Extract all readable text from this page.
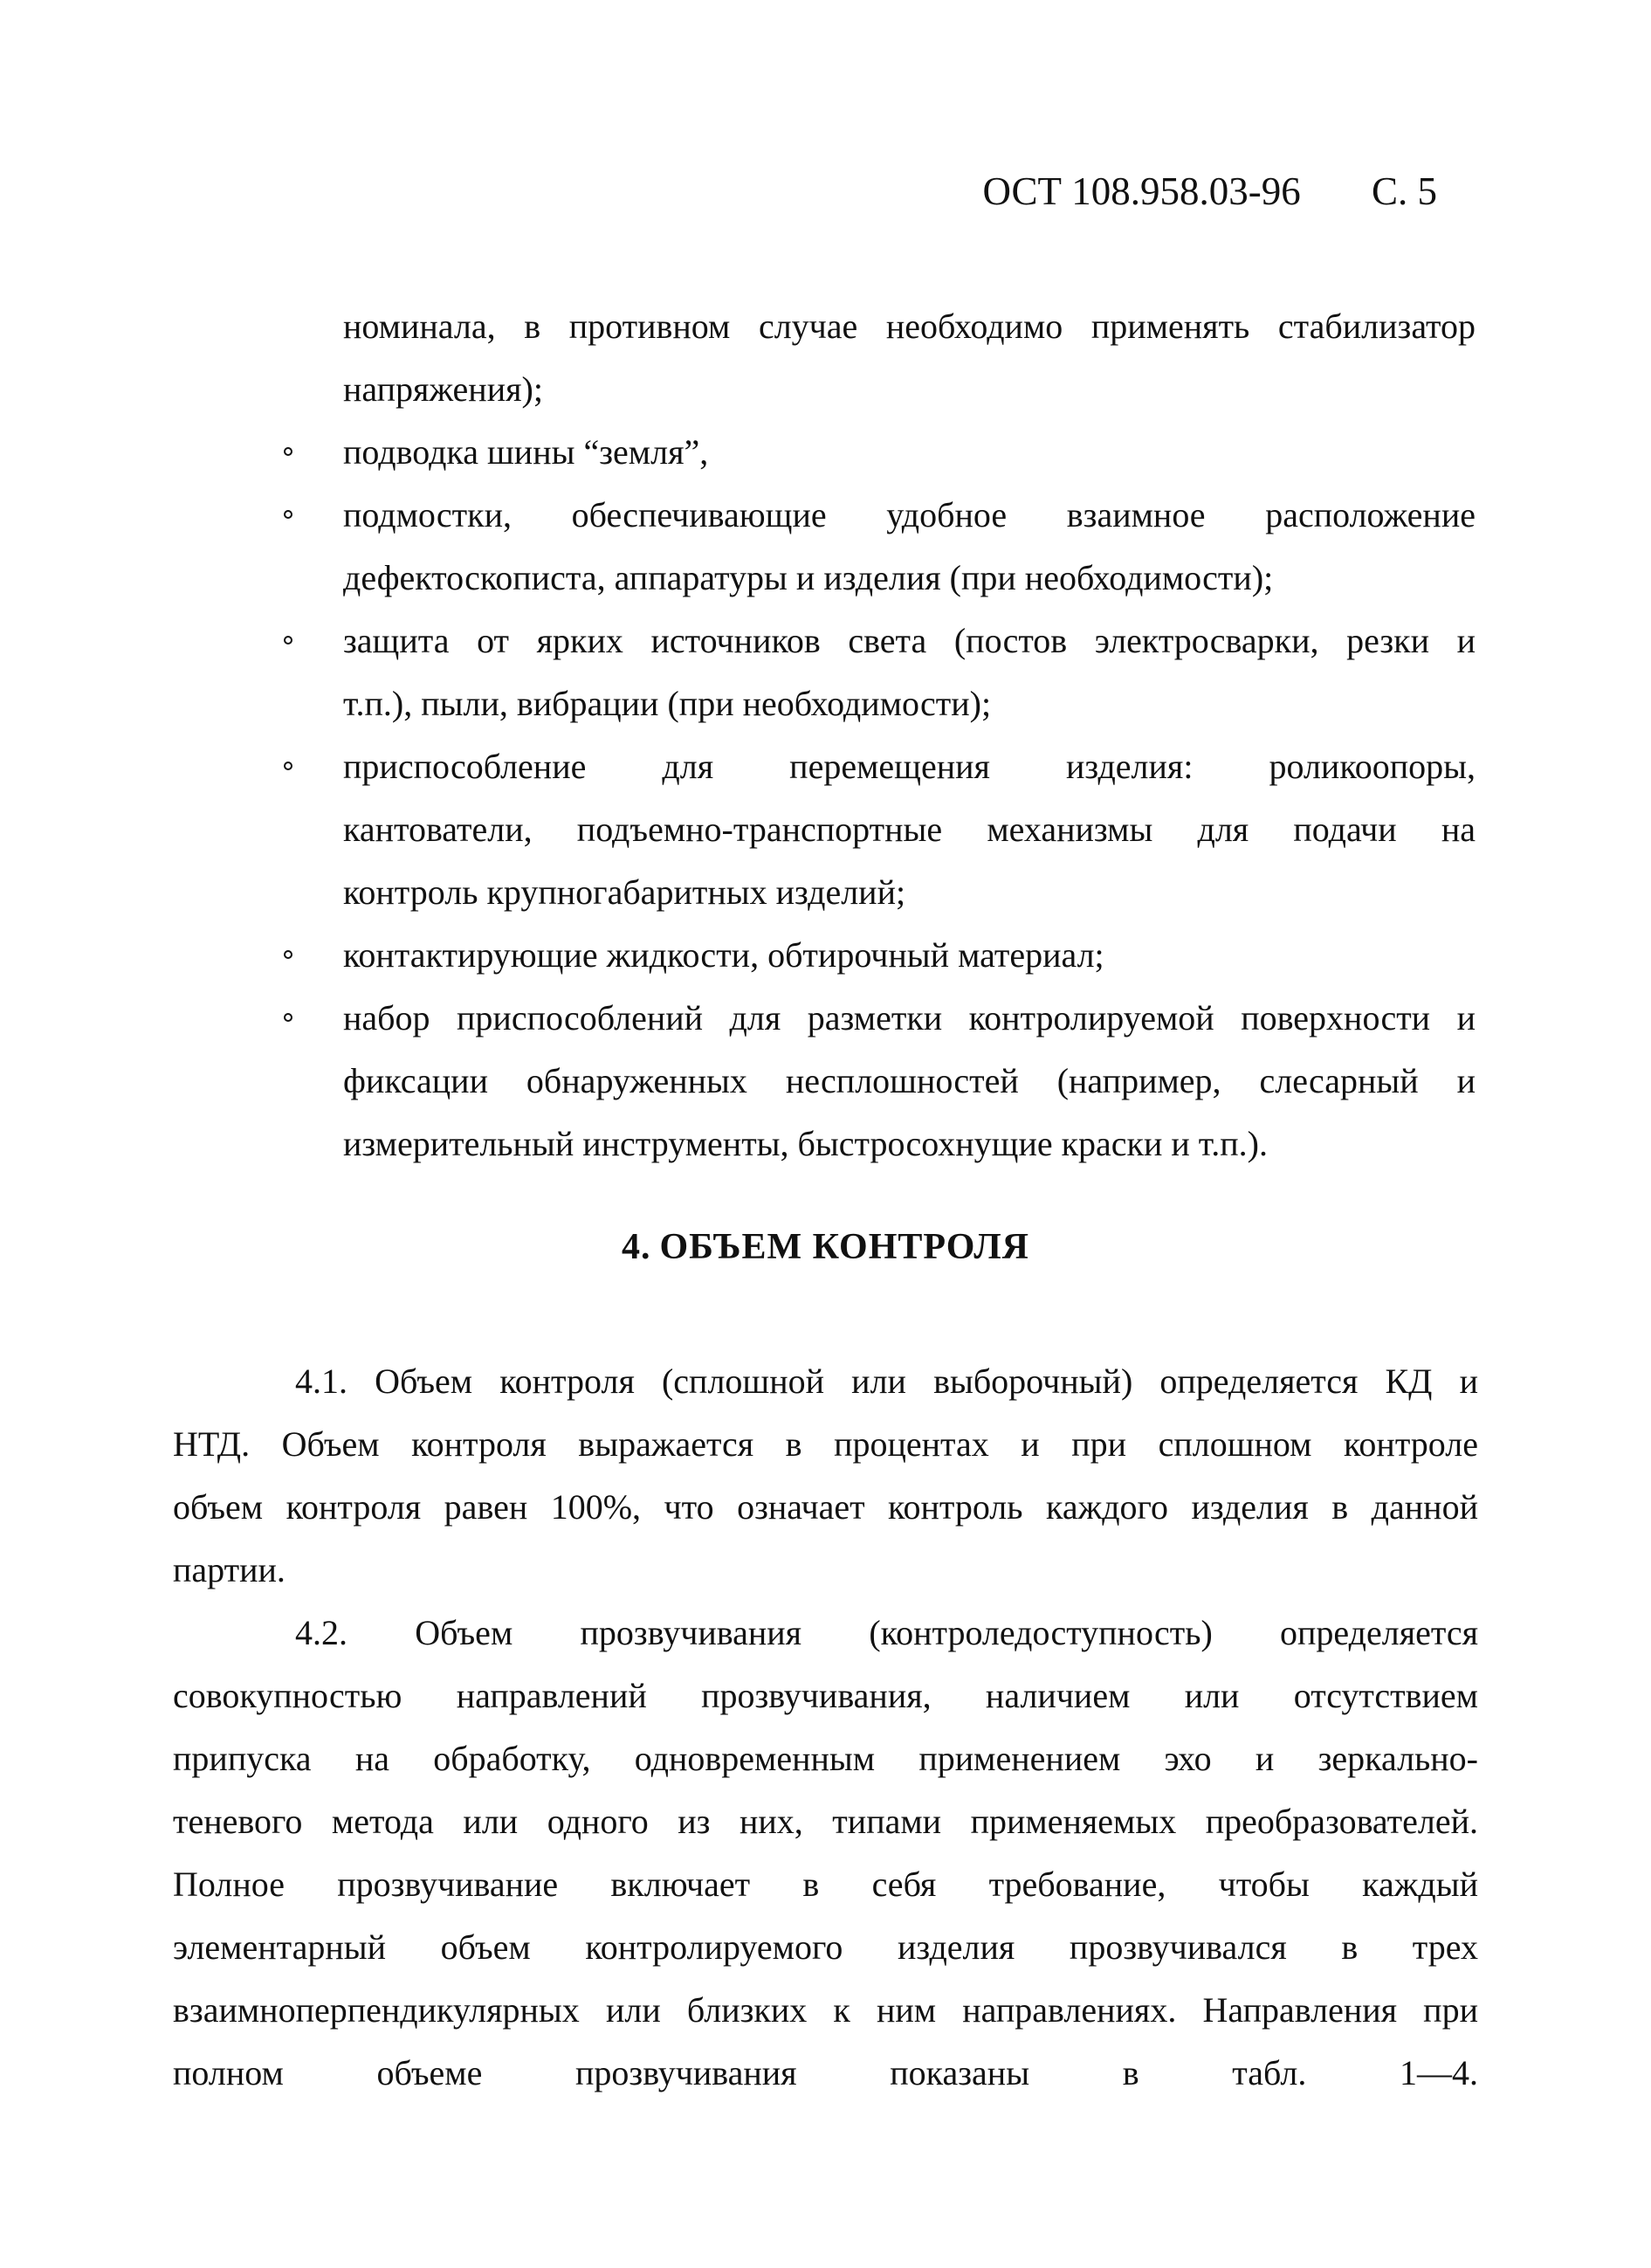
ОСТ 108.958.03-96 С. 5
номинала, в противном случае необходимо применять стабилизатор
напряжения);
подводка шины “земля”,
подмостки, обеспечивающие удобное взаимное расположение
дефектоскописта, аппаратуры и изделия (при необходимости);
защита от ярких источников света (постов электросварки, резки и
т.п.), пыли, вибрации (при необходимости);
приспособление для перемещения изделия: роликоопоры,
кантователи, подъемно-транспортные механизмы для подачи на
контроль крупногабаритных изделий;
контактирующие жидкости, обтирочный материал;
набор приспособлений для разметки контролируемой поверхности и
фиксации обнаруженных несплошностей (например, слесарный и
измерительный инструменты, быстросохнущие краски и т.п.).
4. ОБЪЕМ КОНТРОЛЯ
4.1. Объем контроля (сплошной или выборочный) определяется КД и
НТД. Объем контроля выражается в процентах и при сплошном контроле
объем контроля равен 100%, что означает контроль каждого изделия в данной
партии.
4.2. Объем прозвучивания (контроледоступность) определяется
совокупностью направлений прозвучивания, наличием или отсутствием
припуска на обработку, одновременным применением эхо и зеркально-
теневого метода или одного из них, типами применяемых преобразователей.
Полное прозвучивание включает в себя требование, чтобы каждый
элементарный объем контролируемого изделия прозвучивался в трех
взаимноперпендикулярных или близких к ним направлениях. Направления при
полном объеме прозвучивания показаны в табл. 1—4.
